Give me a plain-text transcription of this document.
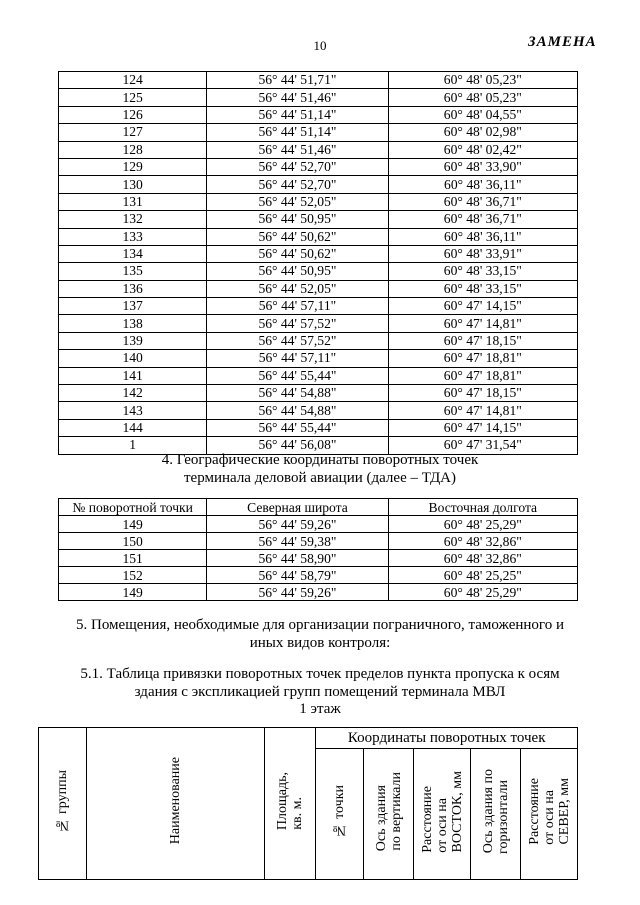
10	ЗАМЕНА
124	56° 44' 51,71"	60° 48' 05,23"
125	56° 44' 51,46"	60° 48' 05,23"
126	56° 44' 51,14"	60° 48' 04,55"
127	56° 44' 51,14"	60° 48' 02,98"
128	56° 44' 51,46"	60° 48' 02,42"
129	56° 44' 52,70"	60° 48' 33,90"
130	56° 44' 52,70"	60° 48' 36,11"
131	56° 44' 52,05"	60° 48' 36,71"
132	56° 44' 50,95"	60° 48' 36,71"
133	56° 44' 50,62"	60° 48' 36,11"
134	56° 44' 50,62"	60° 48' 33,91"
135	56° 44' 50,95"	60° 48' 33,15"
136	56° 44' 52,05"	60° 48' 33,15"
137	56° 44' 57,11"	60° 47' 14,15"
138	56° 44' 57,52"	60° 47' 14,81"
139	56° 44' 57,52"	60° 47' 18,15"
140	56° 44' 57,11"	60° 47' 18,81"
141	56° 44' 55,44"	60° 47' 18,81"
142	56° 44' 54,88"	60° 47' 18,15"
143	56° 44' 54,88"	60° 47' 14,81"
144	56° 44' 55,44"	60° 47' 14,15"
1	56° 44' 56,08"	60° 47' 31,54"
4. Географические координаты поворотных точек
терминала деловой авиации (далее – ТДА)
№ поворотной точки	Северная широта	Восточная долгота
149	56° 44' 59,26"	60° 48' 25,29"
150	56° 44' 59,38"	60° 48' 32,86"
151	56° 44' 58,90"	60° 48' 32,86"
152	56° 44' 58,79"	60° 48' 25,25"
149	56° 44' 59,26"	60° 48' 25,29"
5. Помещения, необходимые для организации пограничного, таможенного и
иных видов контроля:
5.1. Таблица привязки поворотных точек пределов пункта пропуска к осям
здания с экспликацией групп помещений терминала МВЛ
1 этаж
№ группы	Наименование	Площадь,кв. м.	Координаты поворотных точек				
			№ точки	Ось зданияпо вертикали	Расстояниеот оси наВОСТОК, мм	Ось здания погоризонтали	Расстояниеот оси наСЕВЕР, мм
